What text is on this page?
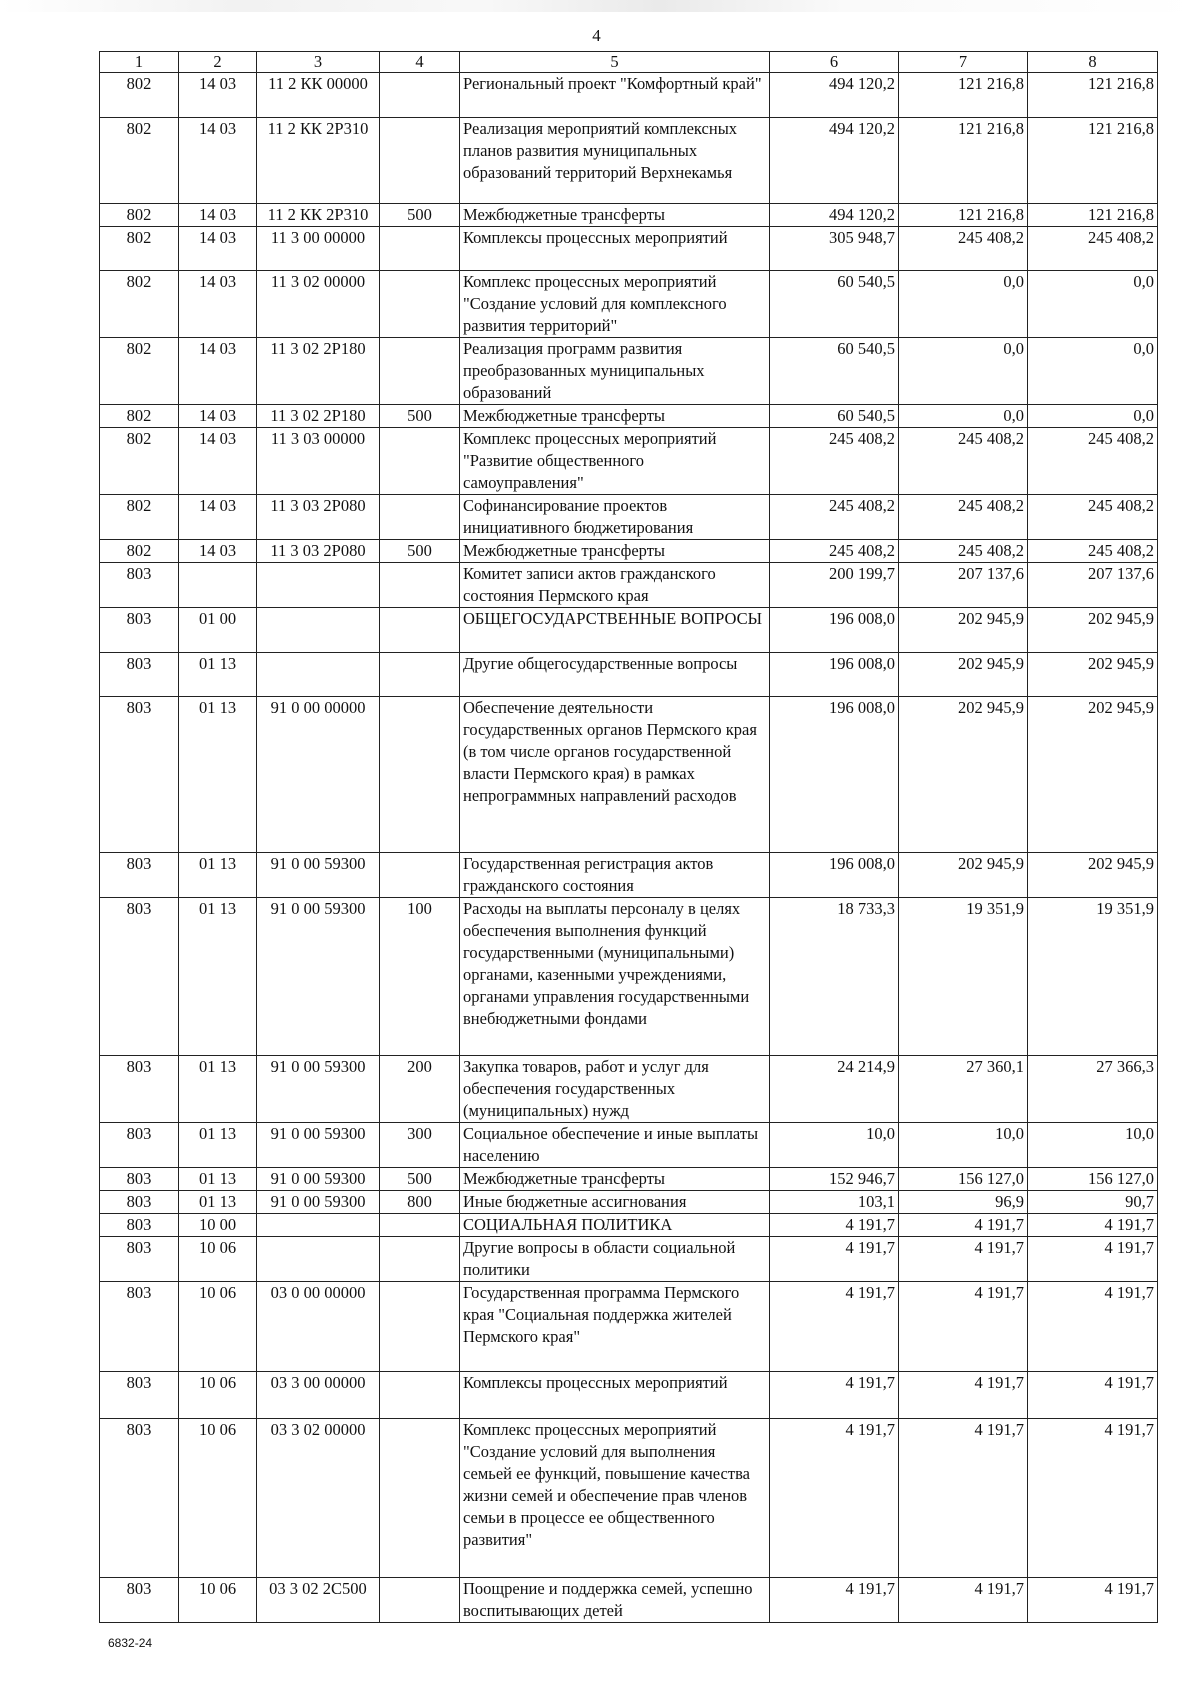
4
1	2	3	4	5	6	7	8
802	14 03	11 2 КК 00000		Региональный проект "Комфортный край"	494 120,2	121 216,8	121 216,8
802	14 03	11 2 КК 2Р310		Реализация мероприятий комплексных планов развития муниципальных образований территорий Верхнекамья	494 120,2	121 216,8	121 216,8
802	14 03	11 2 КК 2Р310	500	Межбюджетные трансферты	494 120,2	121 216,8	121 216,8
802	14 03	11 3 00 00000		Комплексы процессных мероприятий	305 948,7	245 408,2	245 408,2
802	14 03	11 3 02 00000		Комплекс процессных мероприятий "Создание условий для комплексного развития территорий"	60 540,5	0,0	0,0
802	14 03	11 3 02 2Р180		Реализация программ развития преобразованных муниципальных образований	60 540,5	0,0	0,0
802	14 03	11 3 02 2Р180	500	Межбюджетные трансферты	60 540,5	0,0	0,0
802	14 03	11 3 03 00000		Комплекс процессных мероприятий "Развитие общественного самоуправления"	245 408,2	245 408,2	245 408,2
802	14 03	11 3 03 2Р080		Софинансирование проектов инициативного бюджетирования	245 408,2	245 408,2	245 408,2
802	14 03	11 3 03 2Р080	500	Межбюджетные трансферты	245 408,2	245 408,2	245 408,2
803				Комитет записи актов гражданского состояния Пермского края	200 199,7	207 137,6	207 137,6
803	01 00			ОБЩЕГОСУДАРСТВЕННЫЕ ВОПРОСЫ	196 008,0	202 945,9	202 945,9
803	01 13			Другие общегосударственные вопросы	196 008,0	202 945,9	202 945,9
803	01 13	91 0 00 00000		Обеспечение деятельности государственных органов Пермского края (в том числе органов государственной власти Пермского края) в рамках непрограммных направлений расходов	196 008,0	202 945,9	202 945,9
803	01 13	91 0 00 59300		Государственная регистрация актов гражданского состояния	196 008,0	202 945,9	202 945,9
803	01 13	91 0 00 59300	100	Расходы на выплаты персоналу в целях обеспечения выполнения функций государственными (муниципальными) органами, казенными учреждениями, органами управления государственными внебюджетными фондами	18 733,3	19 351,9	19 351,9
803	01 13	91 0 00 59300	200	Закупка товаров, работ и услуг для обеспечения государственных (муниципальных) нужд	24 214,9	27 360,1	27 366,3
803	01 13	91 0 00 59300	300	Социальное обеспечение и иные выплаты населению	10,0	10,0	10,0
803	01 13	91 0 00 59300	500	Межбюджетные трансферты	152 946,7	156 127,0	156 127,0
803	01 13	91 0 00 59300	800	Иные бюджетные ассигнования	103,1	96,9	90,7
803	10 00			СОЦИАЛЬНАЯ ПОЛИТИКА	4 191,7	4 191,7	4 191,7
803	10 06			Другие вопросы в области социальной политики	4 191,7	4 191,7	4 191,7
803	10 06	03 0 00 00000		Государственная программа Пермского края "Социальная поддержка жителей Пермского края"	4 191,7	4 191,7	4 191,7
803	10 06	03 3 00 00000		Комплексы процессных мероприятий	4 191,7	4 191,7	4 191,7
803	10 06	03 3 02 00000		Комплекс процессных мероприятий "Создание условий для выполнения семьей ее функций, повышение качества жизни семей и обеспечение прав членов семьи в процессе ее общественного развития"	4 191,7	4 191,7	4 191,7
803	10 06	03 3 02 2С500		Поощрение и поддержка семей, успешно воспитывающих детей	4 191,7	4 191,7	4 191,7
6832-24
